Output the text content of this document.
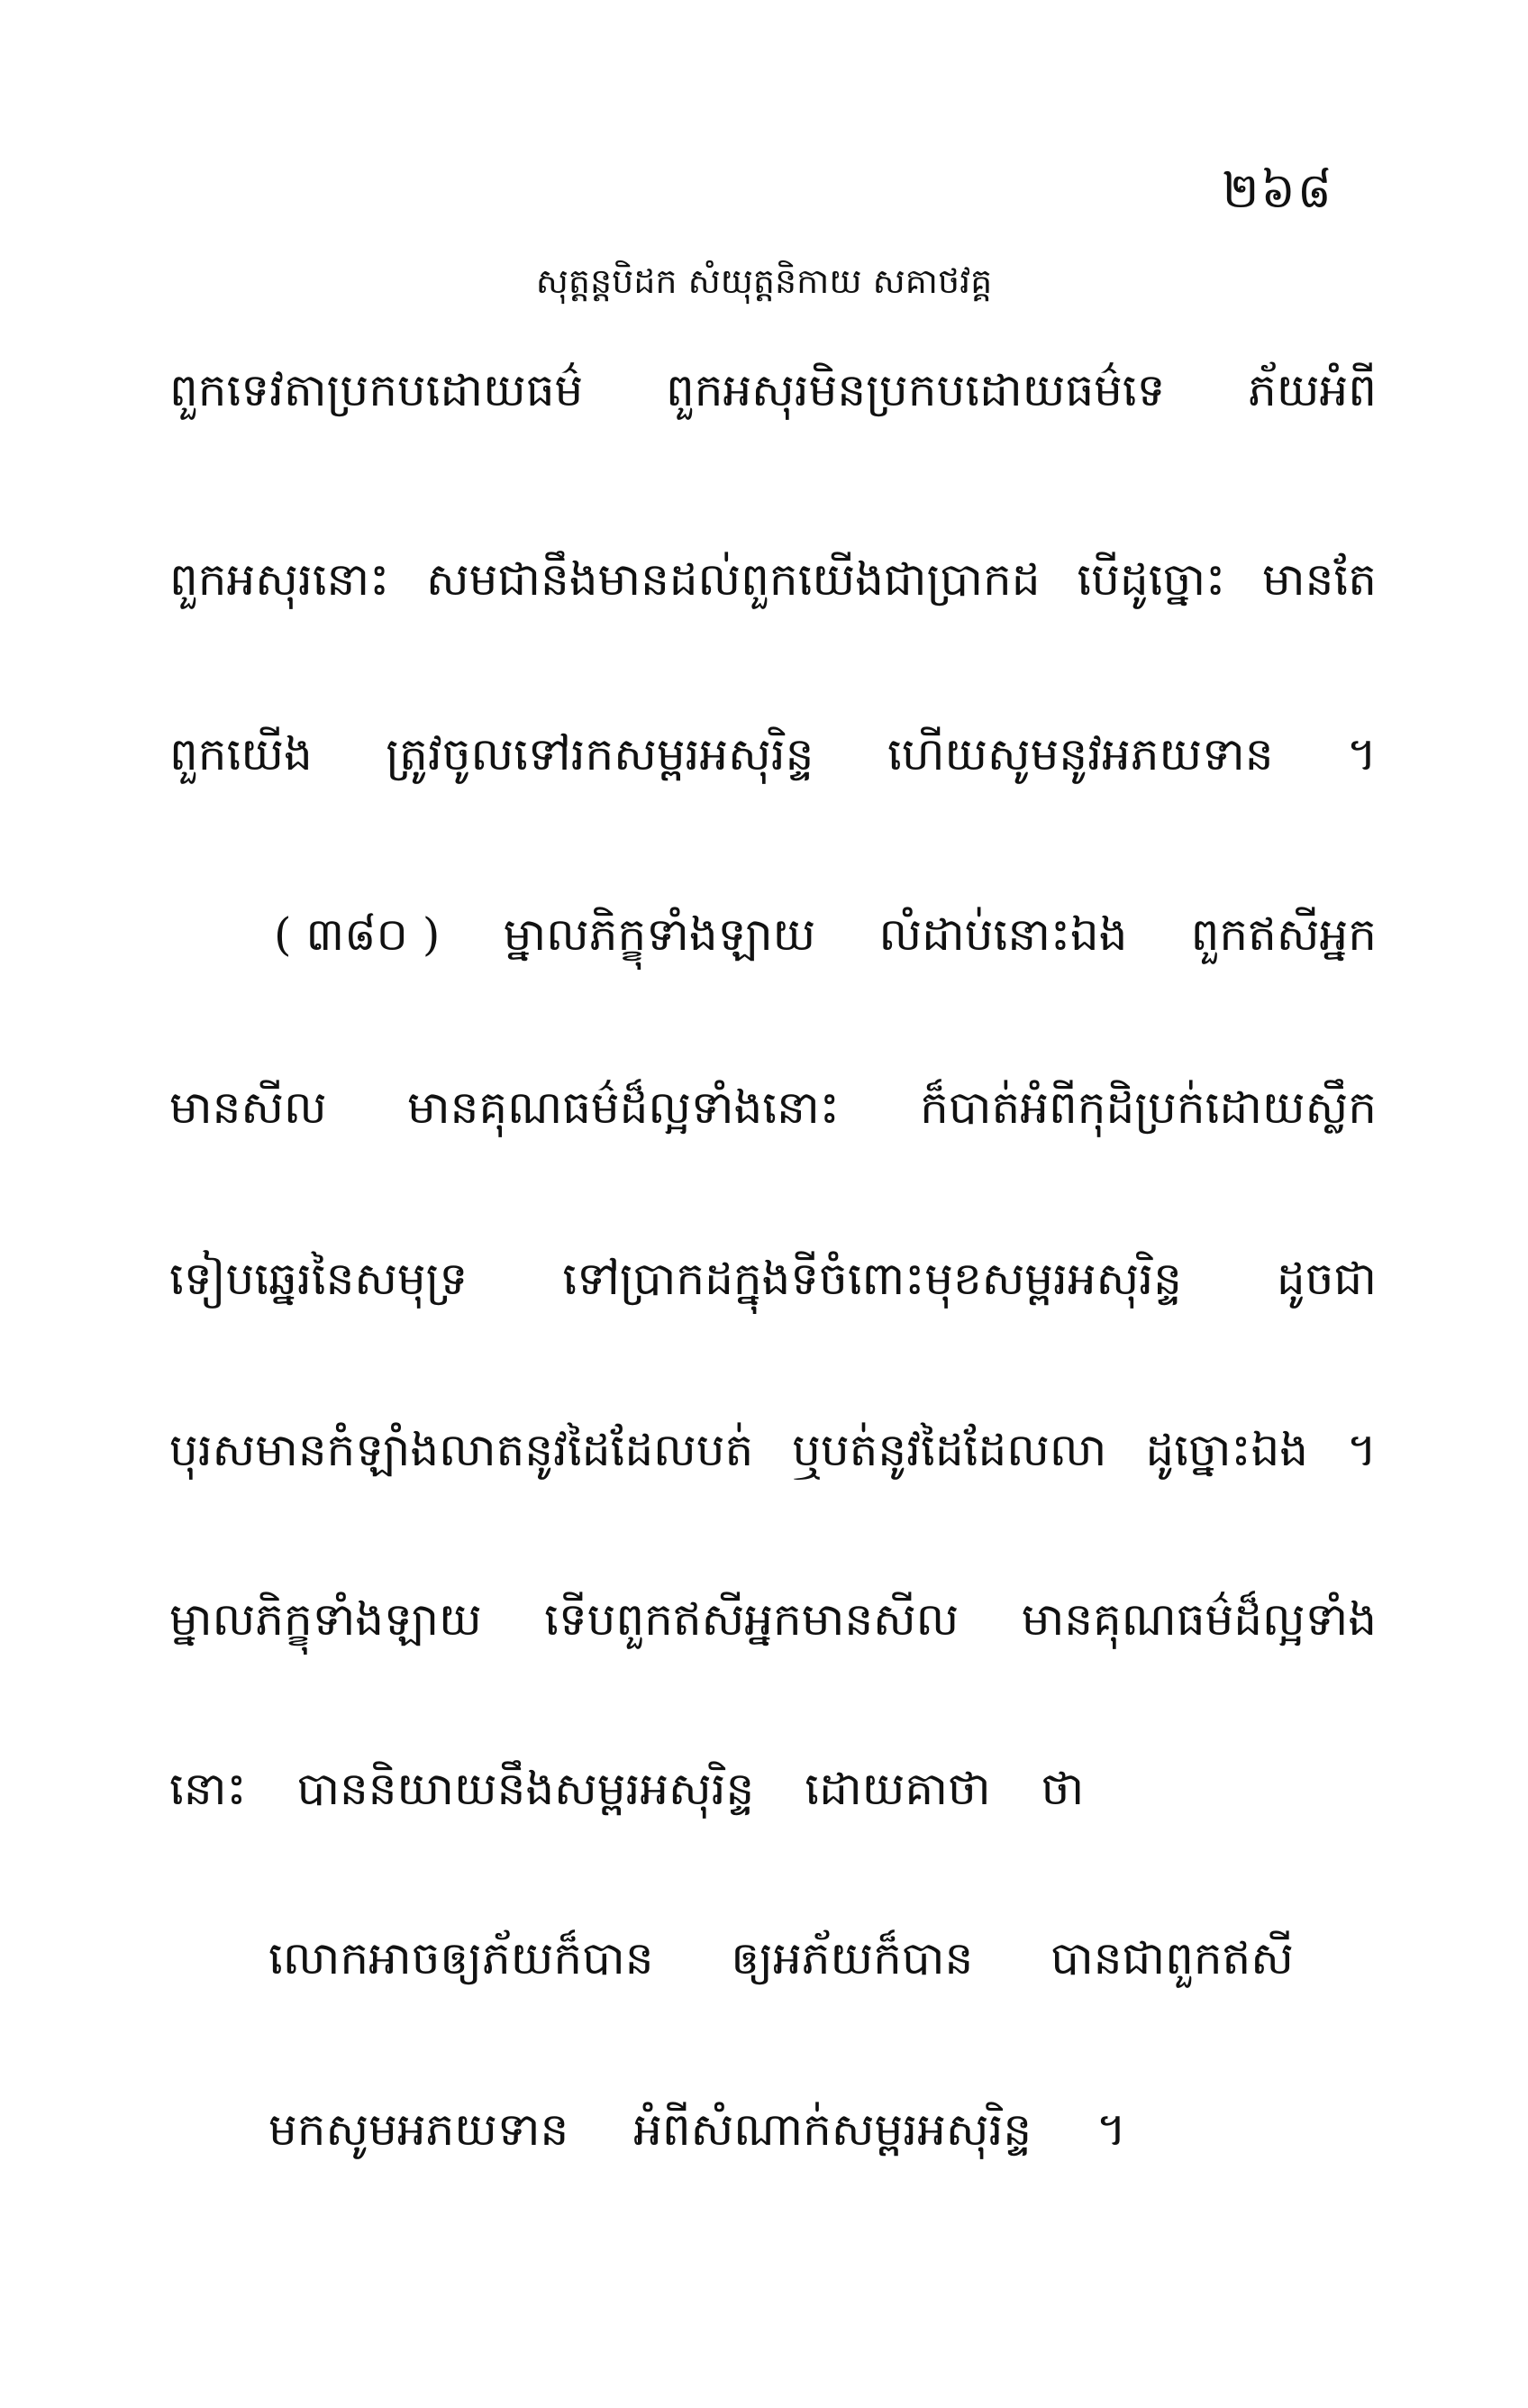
២៦៨
សុត្តន្តបិដក សំយុត្តនិកាយ សគាថវគ្គ
ពួកទេវតាប្រកបដោយធម៌ ពួកអសុរមិនប្រកបដោយធម៌ទេ ភ័យអំពី
ពួកអសុរនោះ សមជានឹងមានដល់ពួកយើងជាប្រាកដ បើដូច្នោះ មានតែ
ពួកយើង ត្រូវចូលទៅរកសម្ពរអសុរិន្ទ ហើយសូមនូវអភយទាន ។
( ៣៨០ ) ម្នាលភិក្ខុទាំងឡាយ លំដាប់នោះឯង ពួកឥសីអ្នក
មានសីល មានគុណធម៌ដ៏ល្អទាំងនោះ ក៏បាត់អំពីកុដិប្រក់ដោយស្លឹក
ទៀបឆ្នេរនៃសមុទ្រ ទៅប្រាកដក្នុងទីចំពោះមុខសម្ពរអសុរិន្ទ ដូចជា
បុរសមានកំឡាំងលាតនូវដៃដែលបត់ ឬបត់នូវដៃដែលលា ដូច្នោះឯង ។
ម្នាលភិក្ខុទាំងឡាយ ទើបពួកឥសីអ្នកមានសីល មានគុណធម៌ដ៏ល្អទាំង
នោះ បាននិយាយនឹងសម្ពរអសុរិន្ទ ដោយគាថា ថា
លោកអាចឲ្យភ័យក៏បាន ឲ្យអភ័យក៏បាន បានជាពួកឥសី
មកសូមអភយទាន អំពីសំណាក់សម្ពរអសុរិន្ទ ។
